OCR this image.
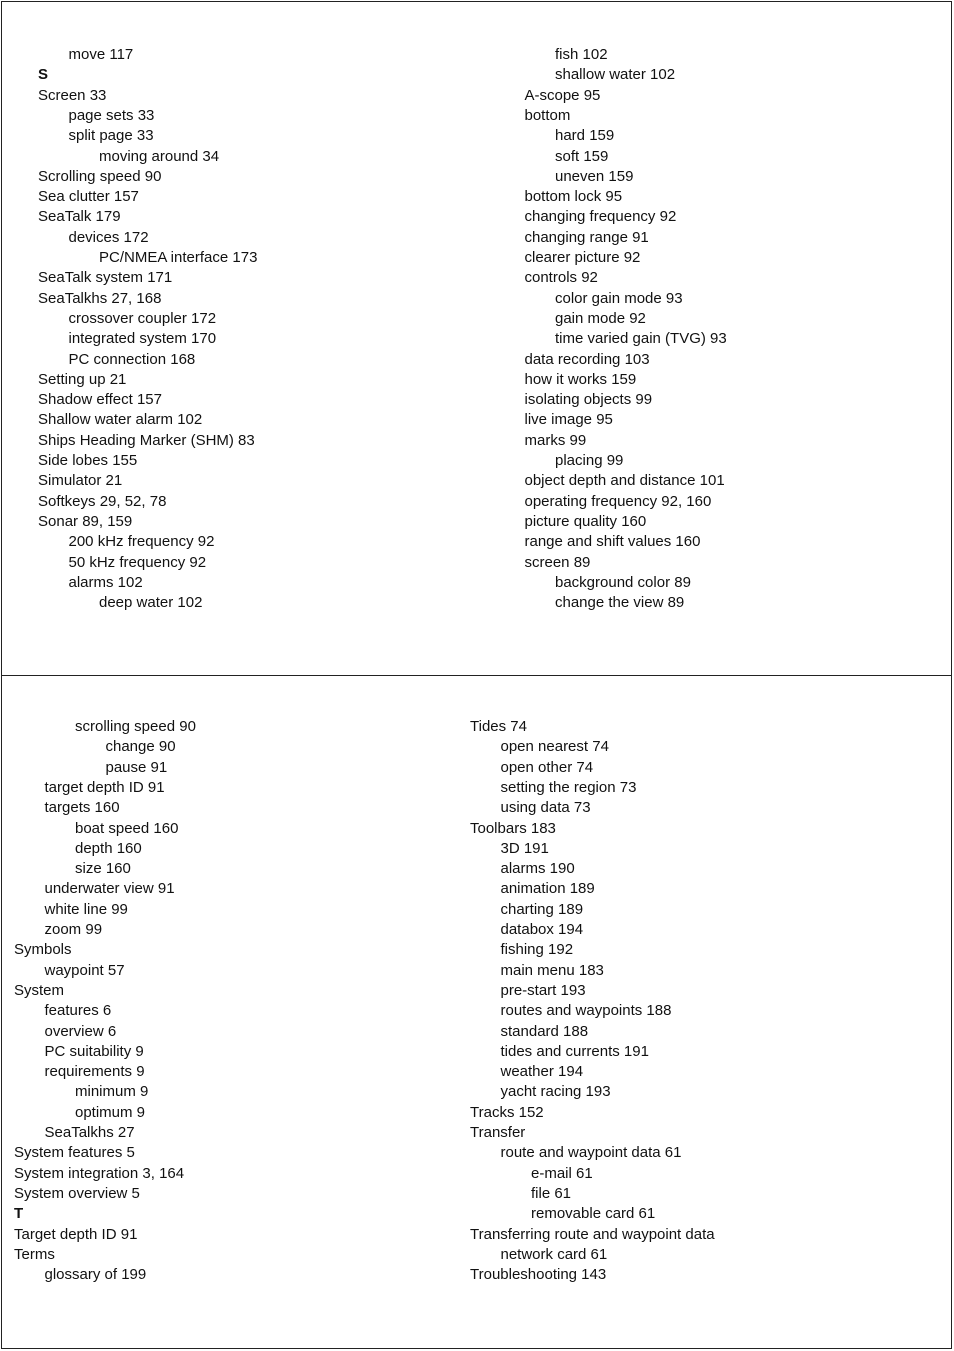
move 117
S
Screen 33
page sets 33
split page 33
moving around 34
Scrolling speed 90
Sea clutter 157
SeaTalk 179
devices 172
PC/NMEA interface 173
SeaTalk system 171
SeaTalkhs 27, 168
crossover coupler 172
integrated system 170
PC connection 168
Setting up 21
Shadow effect 157
Shallow water alarm 102
Ships Heading Marker (SHM) 83
Side lobes 155
Simulator 21
Softkeys 29, 52, 78
Sonar 89, 159
200 kHz frequency 92
50 kHz frequency 92
alarms 102
deep water 102
fish 102
shallow water 102
A-scope 95
bottom
hard 159
soft 159
uneven 159
bottom lock 95
changing frequency 92
changing range 91
clearer picture 92
controls 92
color gain mode 93
gain mode 92
time varied gain (TVG) 93
data recording 103
how it works 159
isolating objects 99
live image 95
marks 99
placing 99
object depth and distance 101
operating frequency 92, 160
picture quality 160
range and shift values 160
screen 89
background color 89
change the view 89
scrolling speed 90
change 90
pause 91
target depth ID 91
targets 160
boat speed 160
depth 160
size 160
underwater view 91
white line 99
zoom 99
Symbols
waypoint 57
System
features 6
overview 6
PC suitability 9
requirements 9
minimum 9
optimum 9
SeaTalkhs 27
System features 5
System integration 3, 164
System overview 5
T
Target depth ID 91
Terms
glossary of 199
Tides 74
open nearest 74
open other 74
setting the region 73
using data 73
Toolbars 183
3D 191
alarms 190
animation 189
charting 189
databox 194
fishing 192
main menu 183
pre-start 193
routes and waypoints 188
standard 188
tides and currents 191
weather 194
yacht racing 193
Tracks 152
Transfer
route and waypoint data 61
e-mail 61
file 61
removable card 61
Transferring route and waypoint data
network card 61
Troubleshooting 143
